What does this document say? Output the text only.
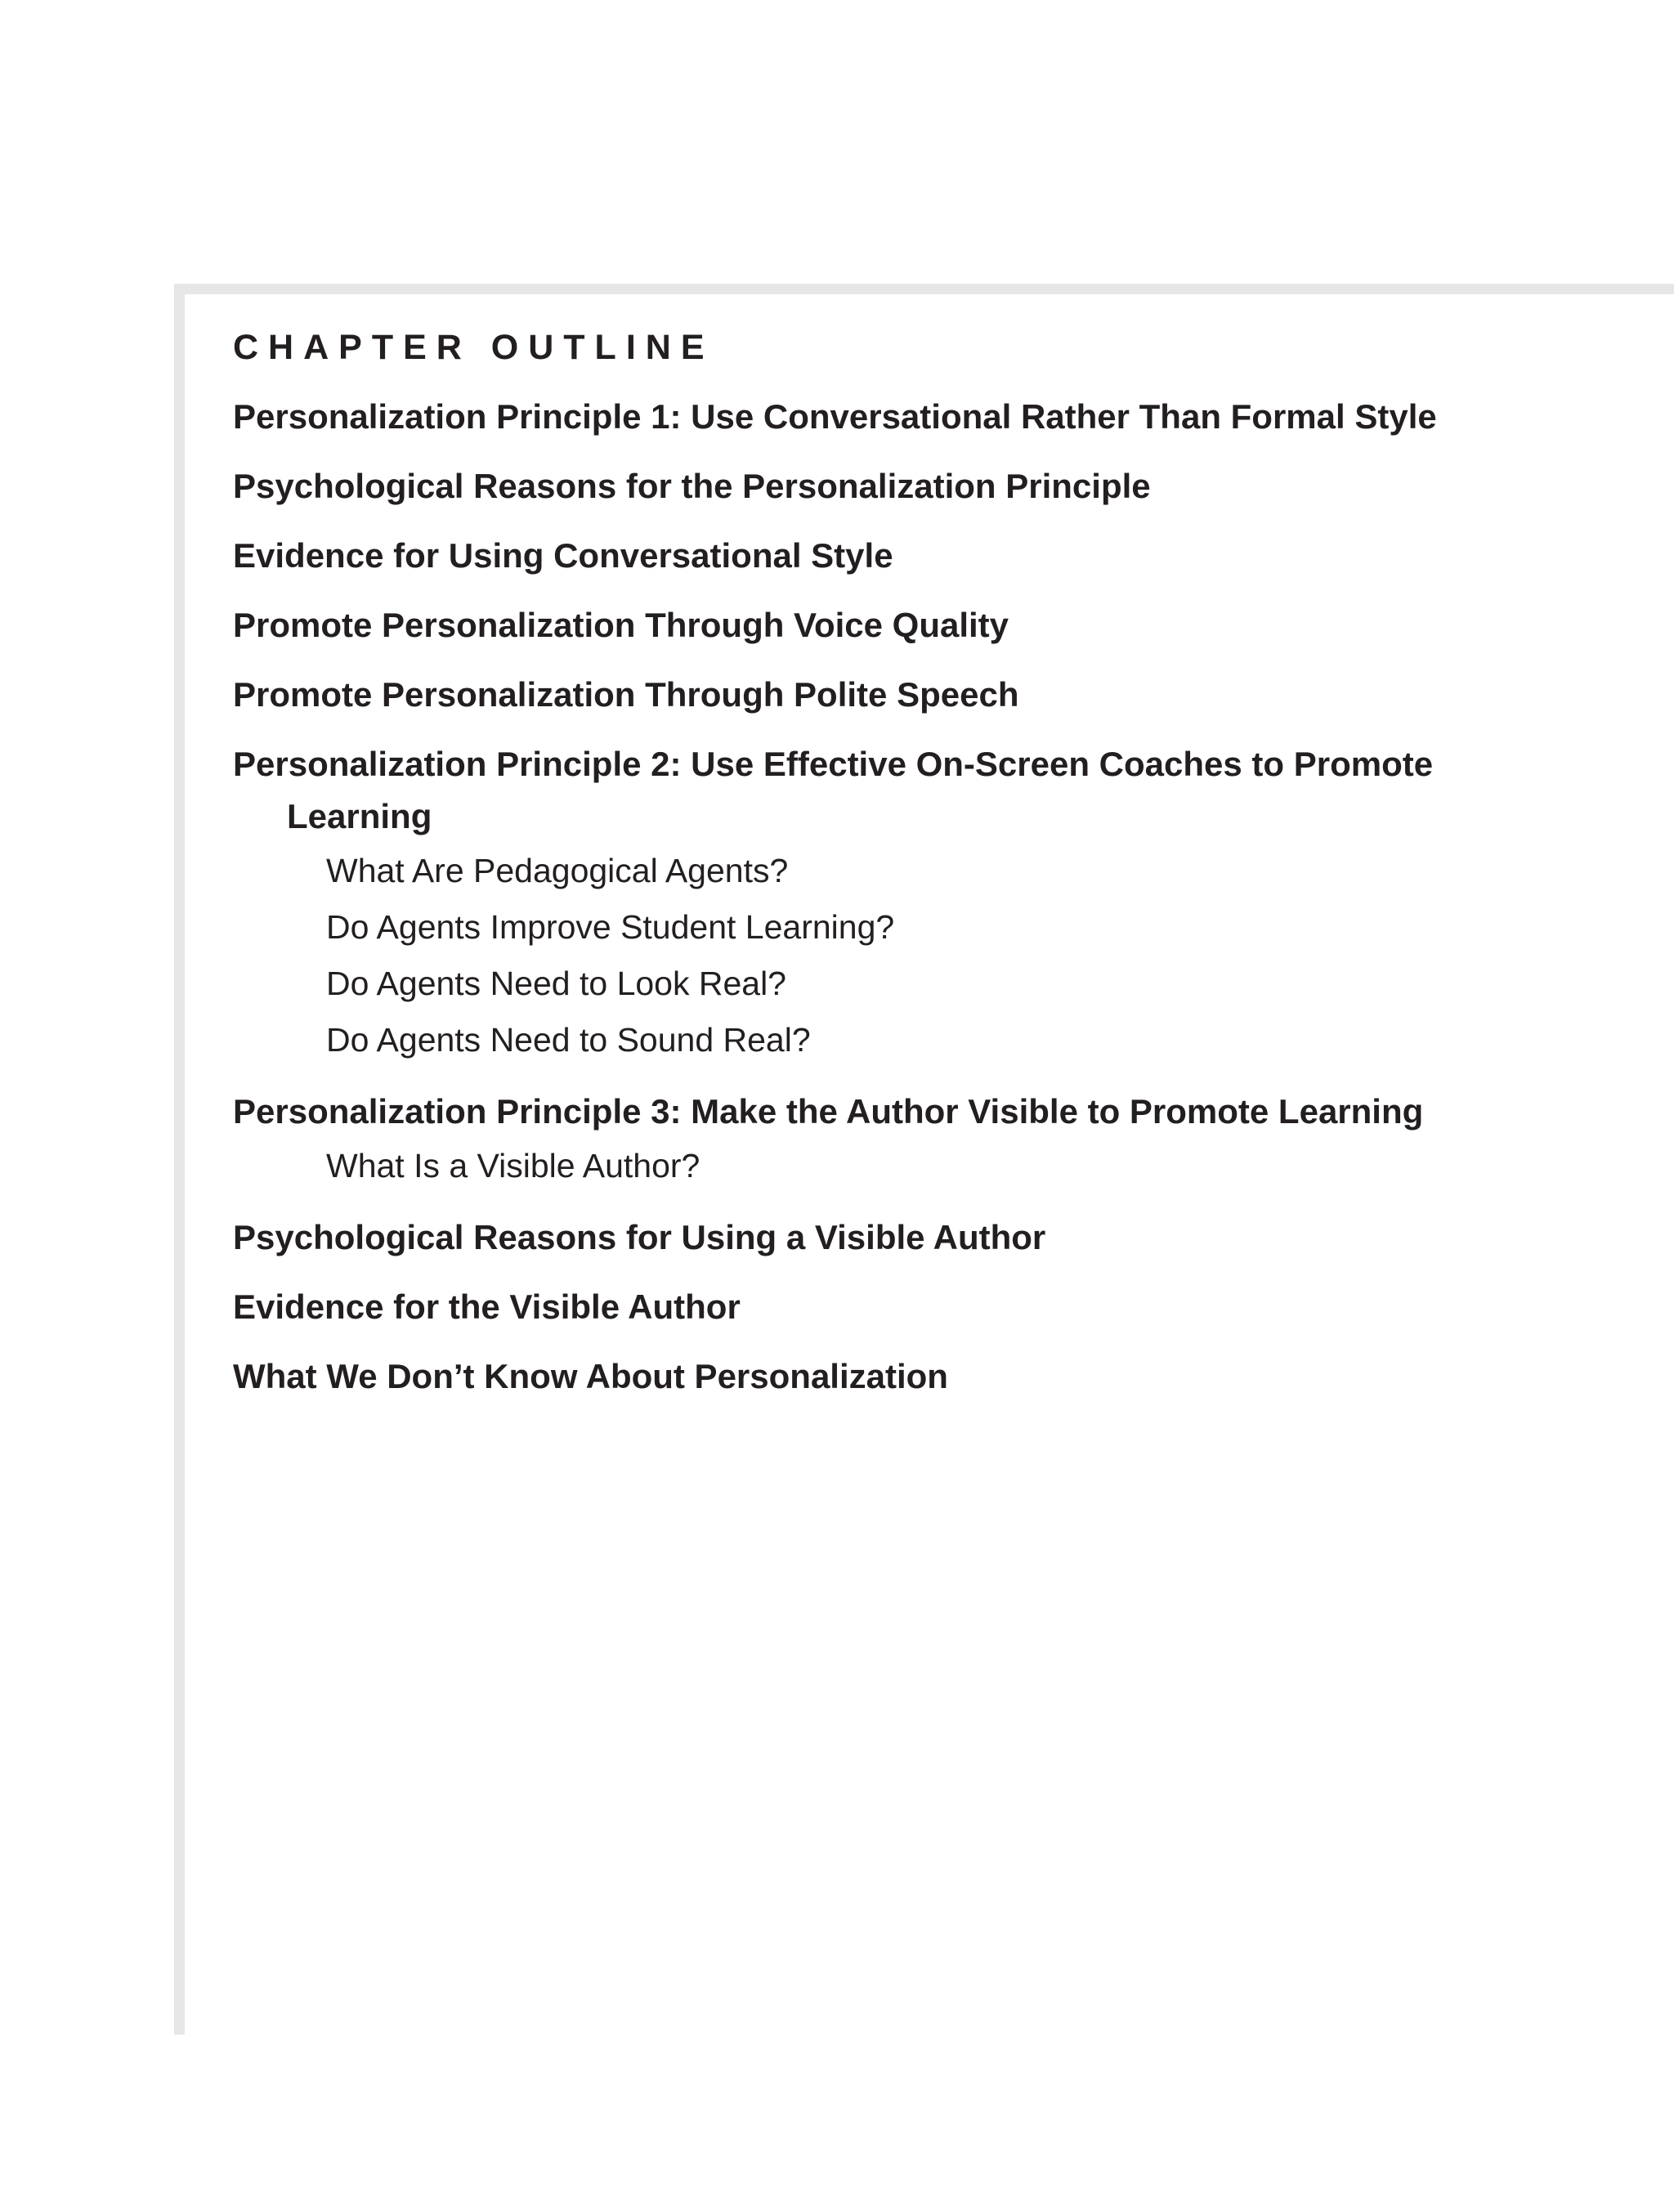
CHAPTER OUTLINE
Personalization Principle 1: Use Conversational Rather Than Formal Style
Psychological Reasons for the Personalization Principle
Evidence for Using Conversational Style
Promote Personalization Through Voice Quality
Promote Personalization Through Polite Speech
Personalization Principle 2: Use Effective On-Screen Coaches to Promote Learning
What Are Pedagogical Agents?
Do Agents Improve Student Learning?
Do Agents Need to Look Real?
Do Agents Need to Sound Real?
Personalization Principle 3: Make the Author Visible to Promote Learning
What Is a Visible Author?
Psychological Reasons for Using a Visible Author
Evidence for the Visible Author
What We Don’t Know About Personalization
